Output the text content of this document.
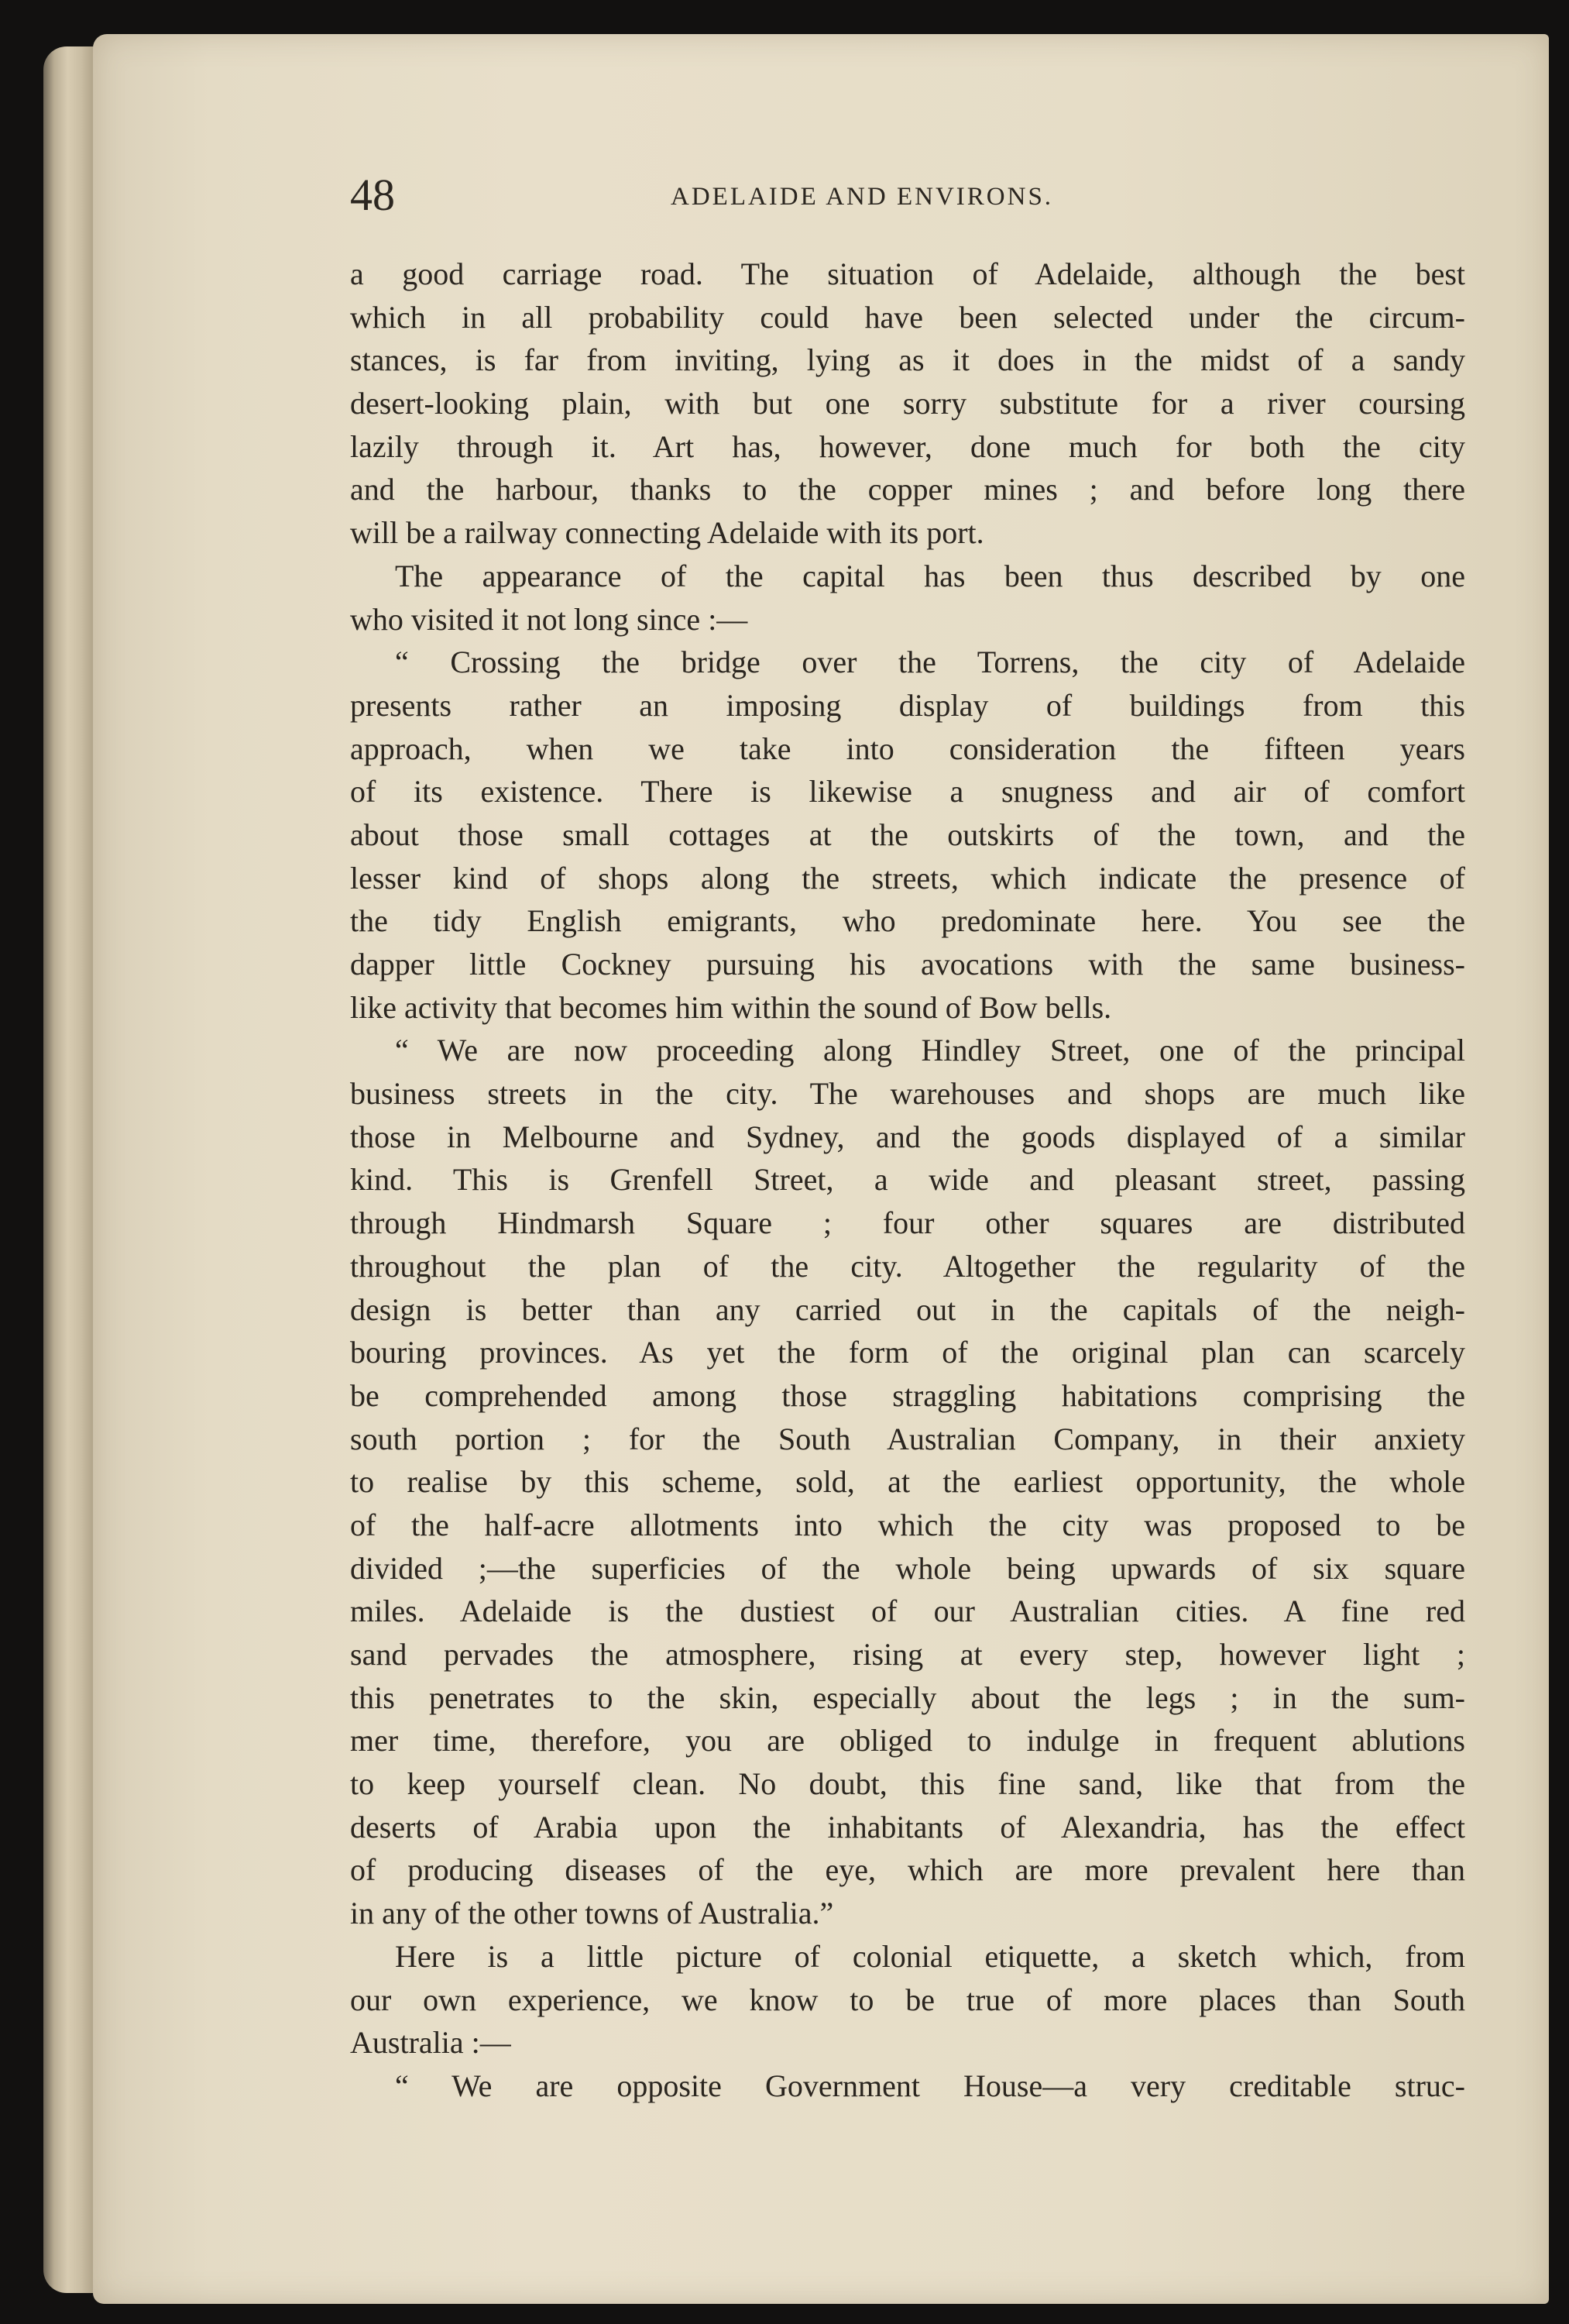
48	ADELAIDE AND ENVIRONS.
a good carriage road. The situation of Adelaide, although the best
which in all probability could have been selected under the circum-
stances, is far from inviting, lying as it does in the midst of a sandy
desert-looking plain, with but one sorry substitute for a river coursing
lazily through it. Art has, however, done much for both the city
and the harbour, thanks to the copper mines ; and before long there
will be a railway connecting Adelaide with its port.
The appearance of the capital has been thus described by one
who visited it not long since :—
“ Crossing the bridge over the Torrens, the city of Adelaide
presents rather an imposing display of buildings from this
approach, when we take into consideration the fifteen years
of its existence. There is likewise a snugness and air of comfort
about those small cottages at the outskirts of the town, and the
lesser kind of shops along the streets, which indicate the presence of
the tidy English emigrants, who predominate here. You see the
dapper little Cockney pursuing his avocations with the same business-
like activity that becomes him within the sound of Bow bells.
“ We are now proceeding along Hindley Street, one of the principal
business streets in the city. The warehouses and shops are much like
those in Melbourne and Sydney, and the goods displayed of a similar
kind. This is Grenfell Street, a wide and pleasant street, passing
through Hindmarsh Square ; four other squares are distributed
throughout the plan of the city. Altogether the regularity of the
design is better than any carried out in the capitals of the neigh-
bouring provinces. As yet the form of the original plan can scarcely
be comprehended among those straggling habitations comprising the
south portion ; for the South Australian Company, in their anxiety
to realise by this scheme, sold, at the earliest opportunity, the whole
of the half-acre allotments into which the city was proposed to be
divided ;—the superficies of the whole being upwards of six square
miles. Adelaide is the dustiest of our Australian cities. A fine red
sand pervades the atmosphere, rising at every step, however light ;
this penetrates to the skin, especially about the legs ; in the sum-
mer time, therefore, you are obliged to indulge in frequent ablutions
to keep yourself clean. No doubt, this fine sand, like that from the
deserts of Arabia upon the inhabitants of Alexandria, has the effect
of producing diseases of the eye, which are more prevalent here than
in any of the other towns of Australia.”
Here is a little picture of colonial etiquette, a sketch which, from
our own experience, we know to be true of more places than South
Australia :—
“ We are opposite Government House—a very creditable struc-
